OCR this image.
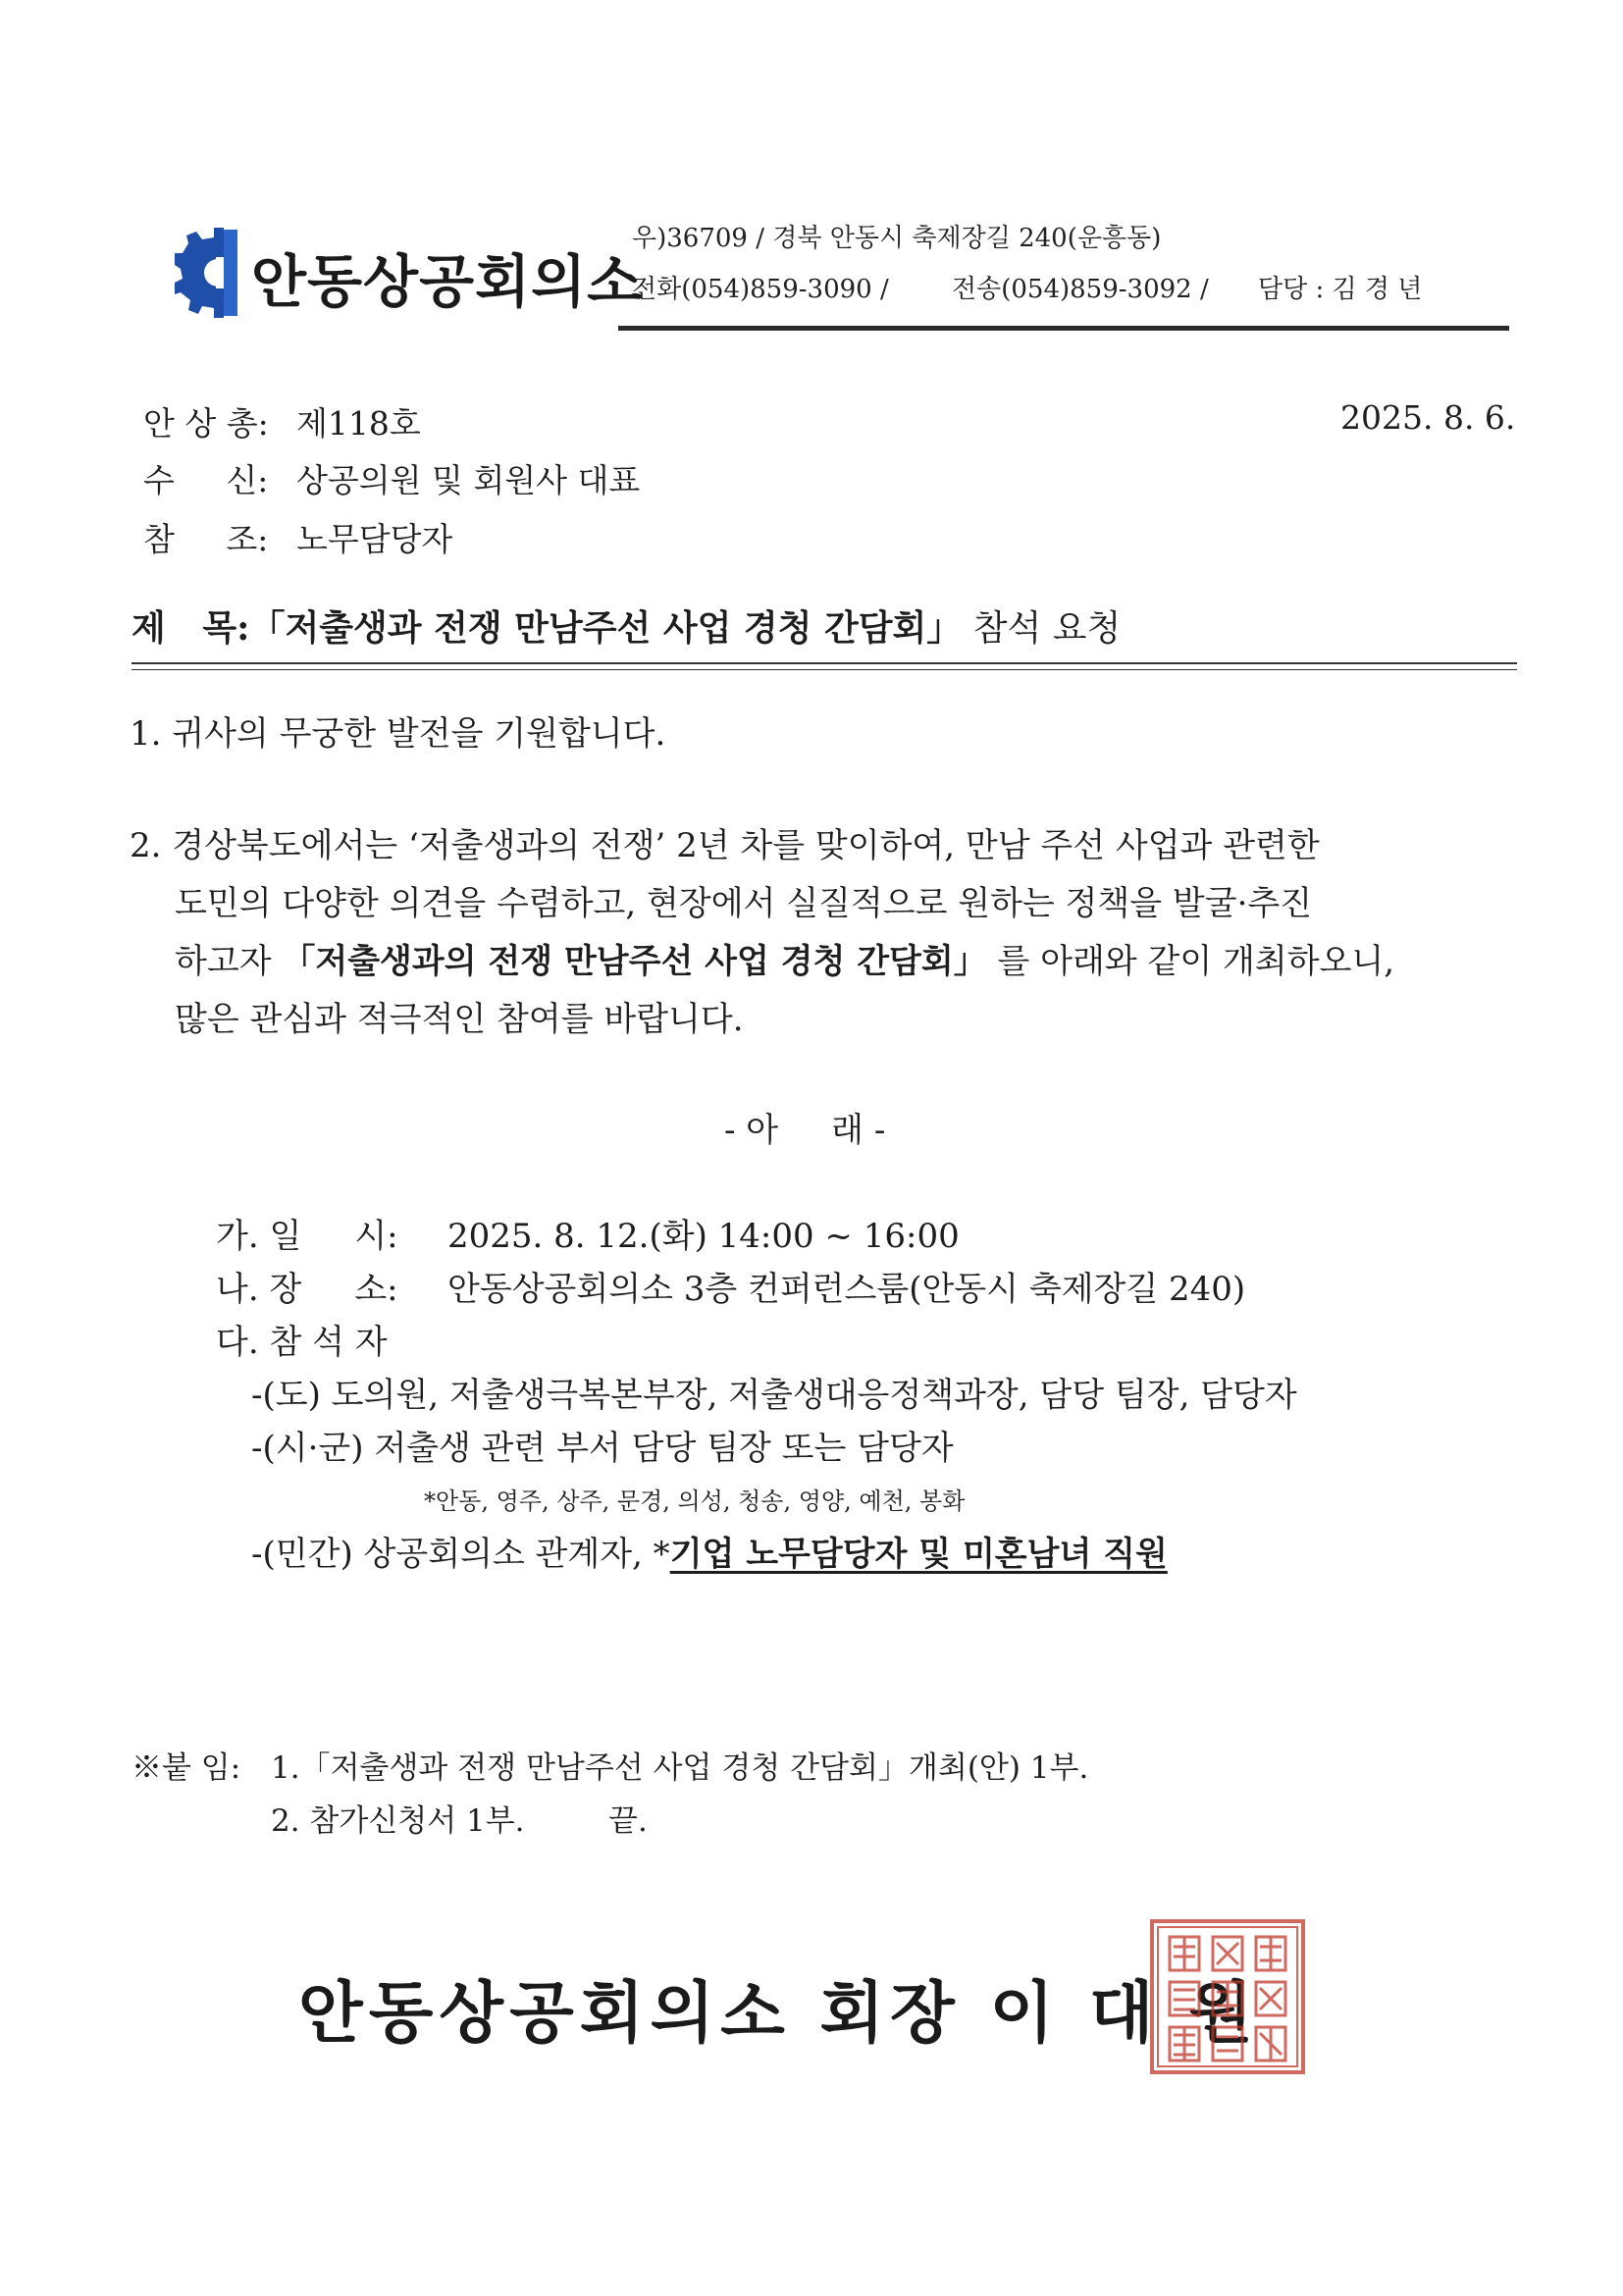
안동상공회의소
우)36709 / 경북 안동시 축제장길 240(운흥동)
전화(054)859-3090 / 전송(054)859-3092 / 담당 : 김 경 년
안 상 총: 제118호	2025. 8. 6.
수     신: 상공의원 및 회원사 대표
참     조: 노무담당자
제   목:「저출생과 전쟁 만남주선 사업 경청 간담회」 참석 요청
1. 귀사의 무궁한 발전을 기원합니다.
2. 경상북도에서는 ‘저출생과의 전쟁’ 2년 차를 맞이하여, 만남 주선 사업과 관련한
도민의 다양한 의견을 수렴하고, 현장에서 실질적으로 원하는 정책을 발굴·추진
하고자 「저출생과의 전쟁 만남주선 사업 경청 간담회」 를 아래와 같이 개최하오니,
많은 관심과 적극적인 참여를 바랍니다.
- 아     래 -
가. 일     시: 2025. 8. 12.(화) 14:00 ~ 16:00
나. 장     소: 안동상공회의소 3층 컨퍼런스룸(안동시 축제장길 240)
다. 참 석 자
-(도) 도의원, 저출생극복본부장, 저출생대응정책과장, 담당 팀장, 담당자
-(시·군) 저출생 관련 부서 담당 팀장 또는 담당자
*안동, 영주, 상주, 문경, 의성, 청송, 영양, 예천, 봉화
-(민간) 상공회의소 관계자, *기업 노무담당자 및 미혼남녀 직원
※붙 임: 1.「저출생과 전쟁 만남주선 사업 경청 간담회」개최(안) 1부.
2. 참가신청서 1부.	끝.
안동상공회의소 회장 이 대 원
